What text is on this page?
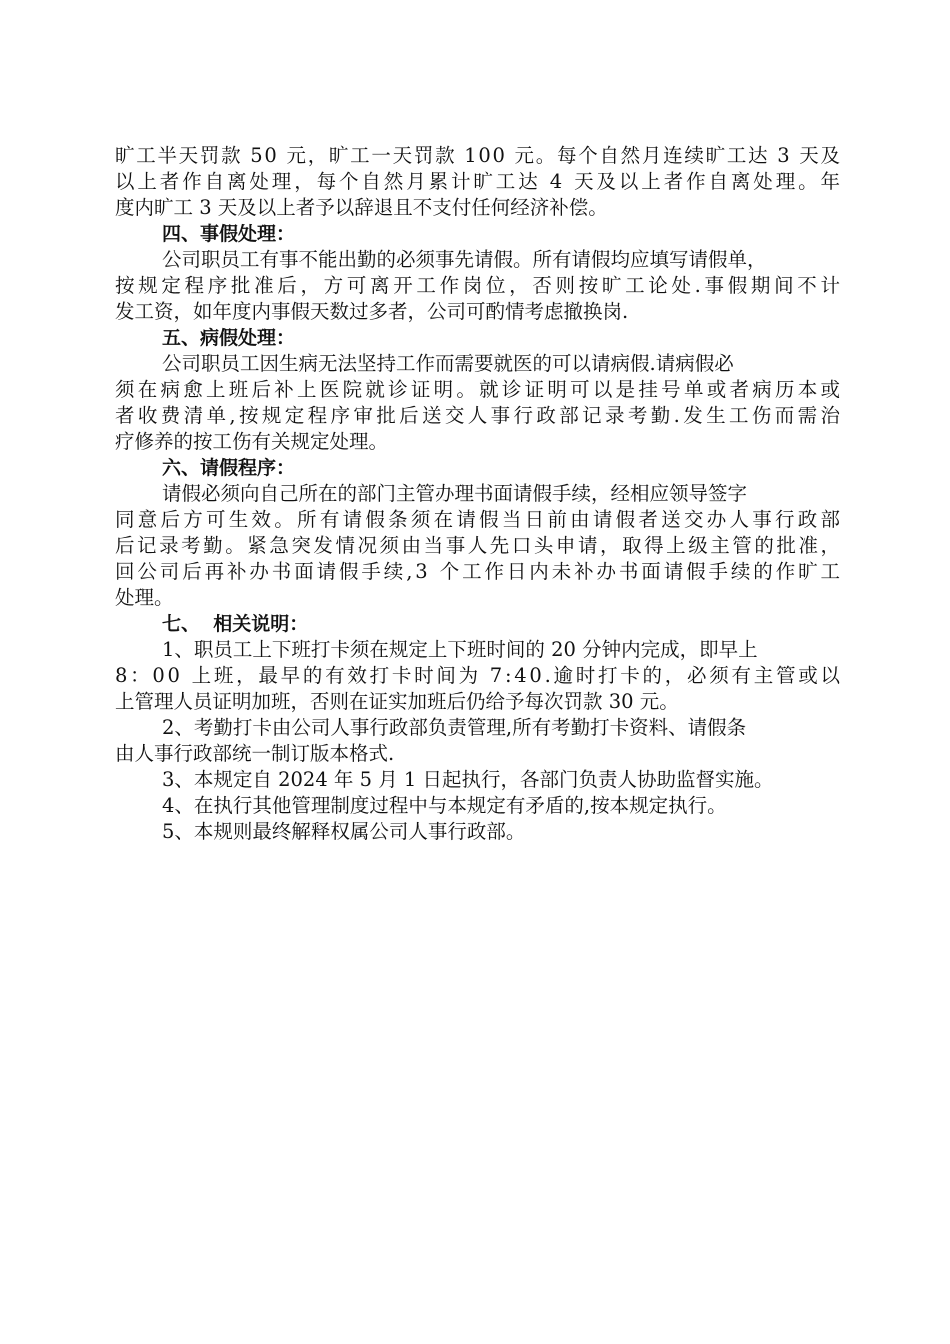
旷工半天罚款 50 元，旷工一天罚款 100 元。每个自然月连续旷工达 3 天及
以上者作自离处理，每个自然月累计旷工达 4 天及以上者作自离处理。年
度内旷工 3 天及以上者予以辞退且不支付任何经济补偿。
四、事假处理：
公司职员工有事不能出勤的必须事先请假。所有请假均应填写请假单，
按规定程序批准后，方可离开工作岗位，否则按旷工论处.事假期间不计
发工资，如年度内事假天数过多者，公司可酌情考虑撤换岗.
五、病假处理：
公司职员工因生病无法坚持工作而需要就医的可以请病假.请病假必
须在病愈上班后补上医院就诊证明。就诊证明可以是挂号单或者病历本或
者收费清单,按规定程序审批后送交人事行政部记录考勤.发生工伤而需治
疗修养的按工伤有关规定处理。
六、请假程序：
请假必须向自己所在的部门主管办理书面请假手续，经相应领导签字
同意后方可生效。所有请假条须在请假当日前由请假者送交办人事行政部
后记录考勤。紧急突发情况须由当事人先口头申请，取得上级主管的批准，
回公司后再补办书面请假手续,3 个工作日内未补办书面请假手续的作旷工
处理。
七、  相关说明：
1、职员工上下班打卡须在规定上下班时间的 20 分钟内完成，即早上
8：00 上班，最早的有效打卡时间为 7:40.逾时打卡的，必须有主管或以
上管理人员证明加班，否则在证实加班后仍给予每次罚款 30 元。
2、考勤打卡由公司人事行政部负责管理,所有考勤打卡资料、请假条
由人事行政部统一制订版本格式.
3、本规定自 2024 年 5 月 1 日起执行，各部门负责人协助监督实施。
4、在执行其他管理制度过程中与本规定有矛盾的,按本规定执行。
5、本规则最终解释权属公司人事行政部。
